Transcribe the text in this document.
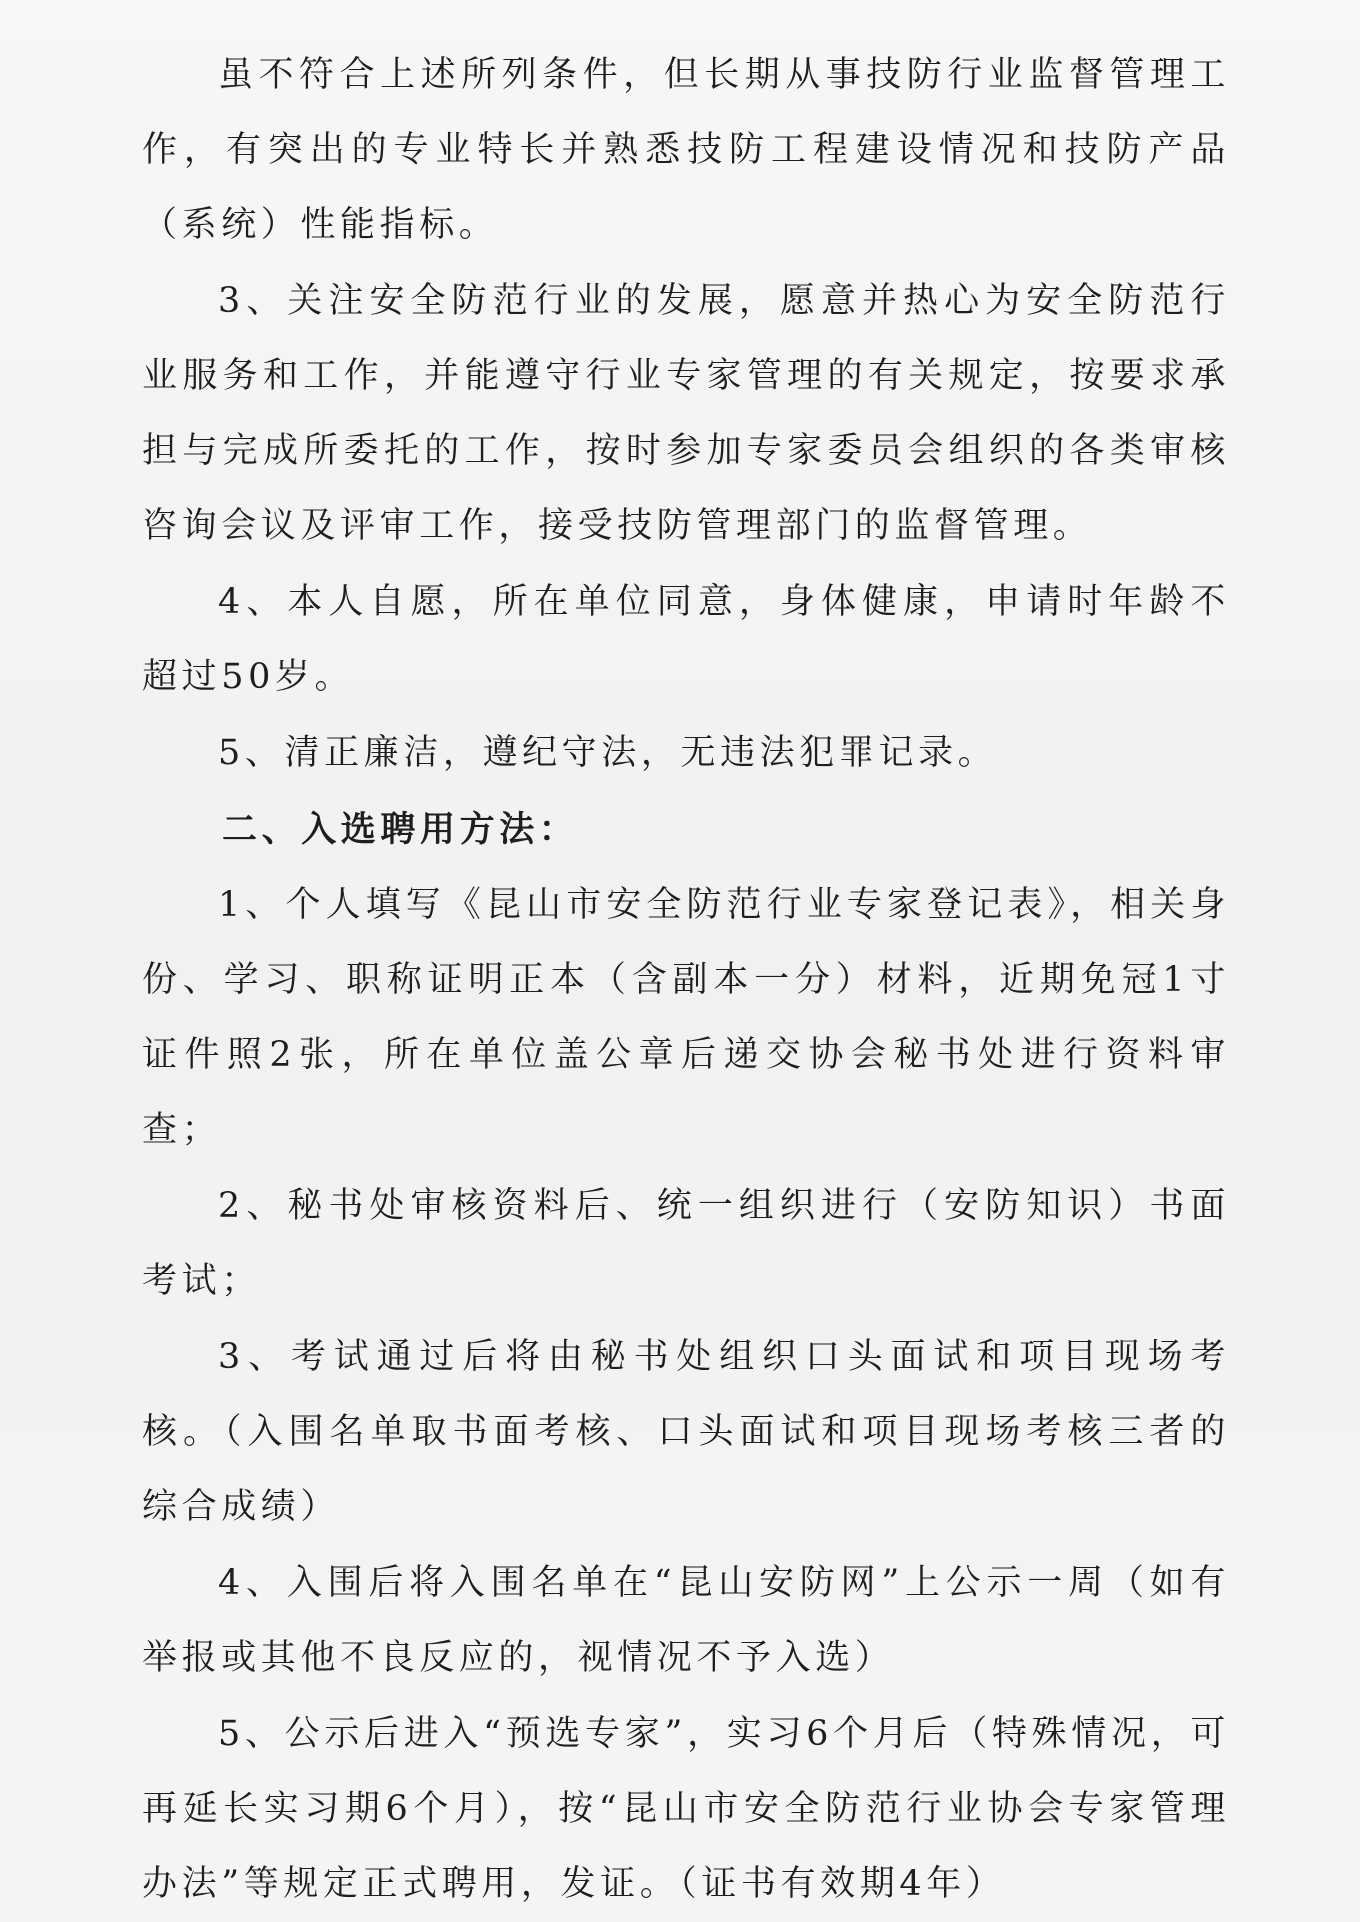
虽不符合上述所列条件，但长期从事技防行业监督管理工作，有突出的专业特长并熟悉技防工程建设情况和技防产品（系统）性能指标。

3、关注安全防范行业的发展，愿意并热心为安全防范行业服务和工作，并能遵守行业专家管理的有关规定，按要求承担与完成所委托的工作，按时参加专家委员会组织的各类审核咨询会议及评审工作，接受技防管理部门的监督管理。

4、本人自愿，所在单位同意，身体健康，申请时年龄不超过50岁。

5、清正廉洁，遵纪守法，无违法犯罪记录。

二、入选聘用方法：

1、个人填写《昆山市安全防范行业专家登记表》，相关身份、学习、职称证明正本（含副本一分）材料，近期免冠1寸证件照2张，所在单位盖公章后递交协会秘书处进行资料审查；

2、秘书处审核资料后、统一组织进行（安防知识）书面考试；

3、考试通过后将由秘书处组织口头面试和项目现场考核。（入围名单取书面考核、口头面试和项目现场考核三者的综合成绩）

4、入围后将入围名单在“昆山安防网”上公示一周（如有举报或其他不良反应的，视情况不予入选）

5、公示后进入“预选专家”，实习6个月后（特殊情况，可再延长实习期6个月），按“昆山市安全防范行业协会专家管理办法”等规定正式聘用，发证。（证书有效期4年）
